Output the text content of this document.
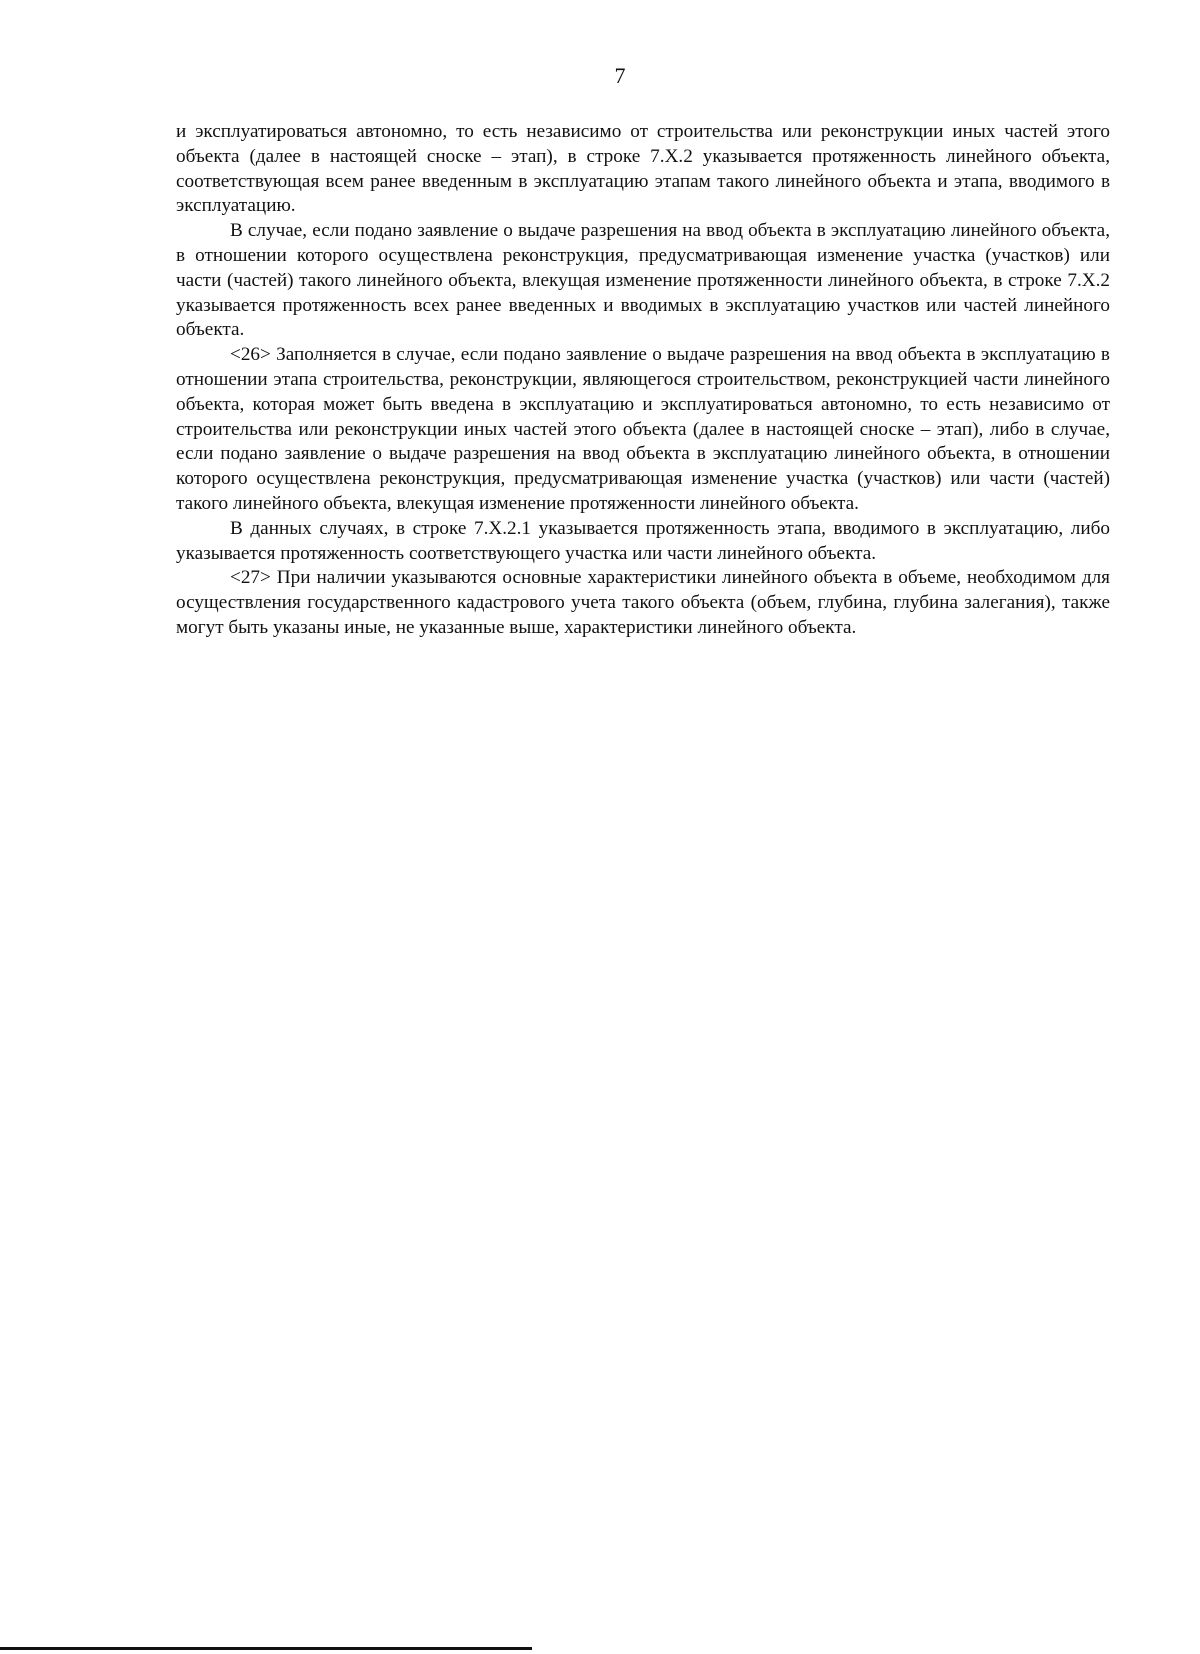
7

и эксплуатироваться автономно, то есть независимо от строительства или реконструкции иных частей этого объекта (далее в настоящей сноске – этап), в строке 7.Х.2 указывается протяженность линейного объекта, соответствующая всем ранее введенным в эксплуатацию этапам такого линейного объекта и этапа, вводимого в эксплуатацию.

В случае, если подано заявление о выдаче разрешения на ввод объекта в эксплуатацию линейного объекта, в отношении которого осуществлена реконструкция, предусматривающая изменение участка (участков) или части (частей) такого линейного объекта, влекущая изменение протяженности линейного объекта, в строке 7.Х.2 указывается протяженность всех ранее введенных и вводимых в эксплуатацию участков или частей линейного объекта.

<26> Заполняется в случае, если подано заявление о выдаче разрешения на ввод объекта в эксплуатацию в отношении этапа строительства, реконструкции, являющегося строительством, реконструкцией части линейного объекта, которая может быть введена в эксплуатацию и эксплуатироваться автономно, то есть независимо от строительства или реконструкции иных частей этого объекта (далее в настоящей сноске – этап), либо в случае, если подано заявление о выдаче разрешения на ввод объекта в эксплуатацию линейного объекта, в отношении которого осуществлена реконструкция, предусматривающая изменение участка (участков) или части (частей) такого линейного объекта, влекущая изменение протяженности линейного объекта.

В данных случаях, в строке 7.Х.2.1 указывается протяженность этапа, вводимого в эксплуатацию, либо указывается протяженность соответствующего участка или части линейного объекта.

<27> При наличии указываются основные характеристики линейного объекта в объеме, необходимом для осуществления государственного кадастрового учета такого объекта (объем, глубина, глубина залегания), также могут быть указаны иные, не указанные выше, характеристики линейного объекта.
